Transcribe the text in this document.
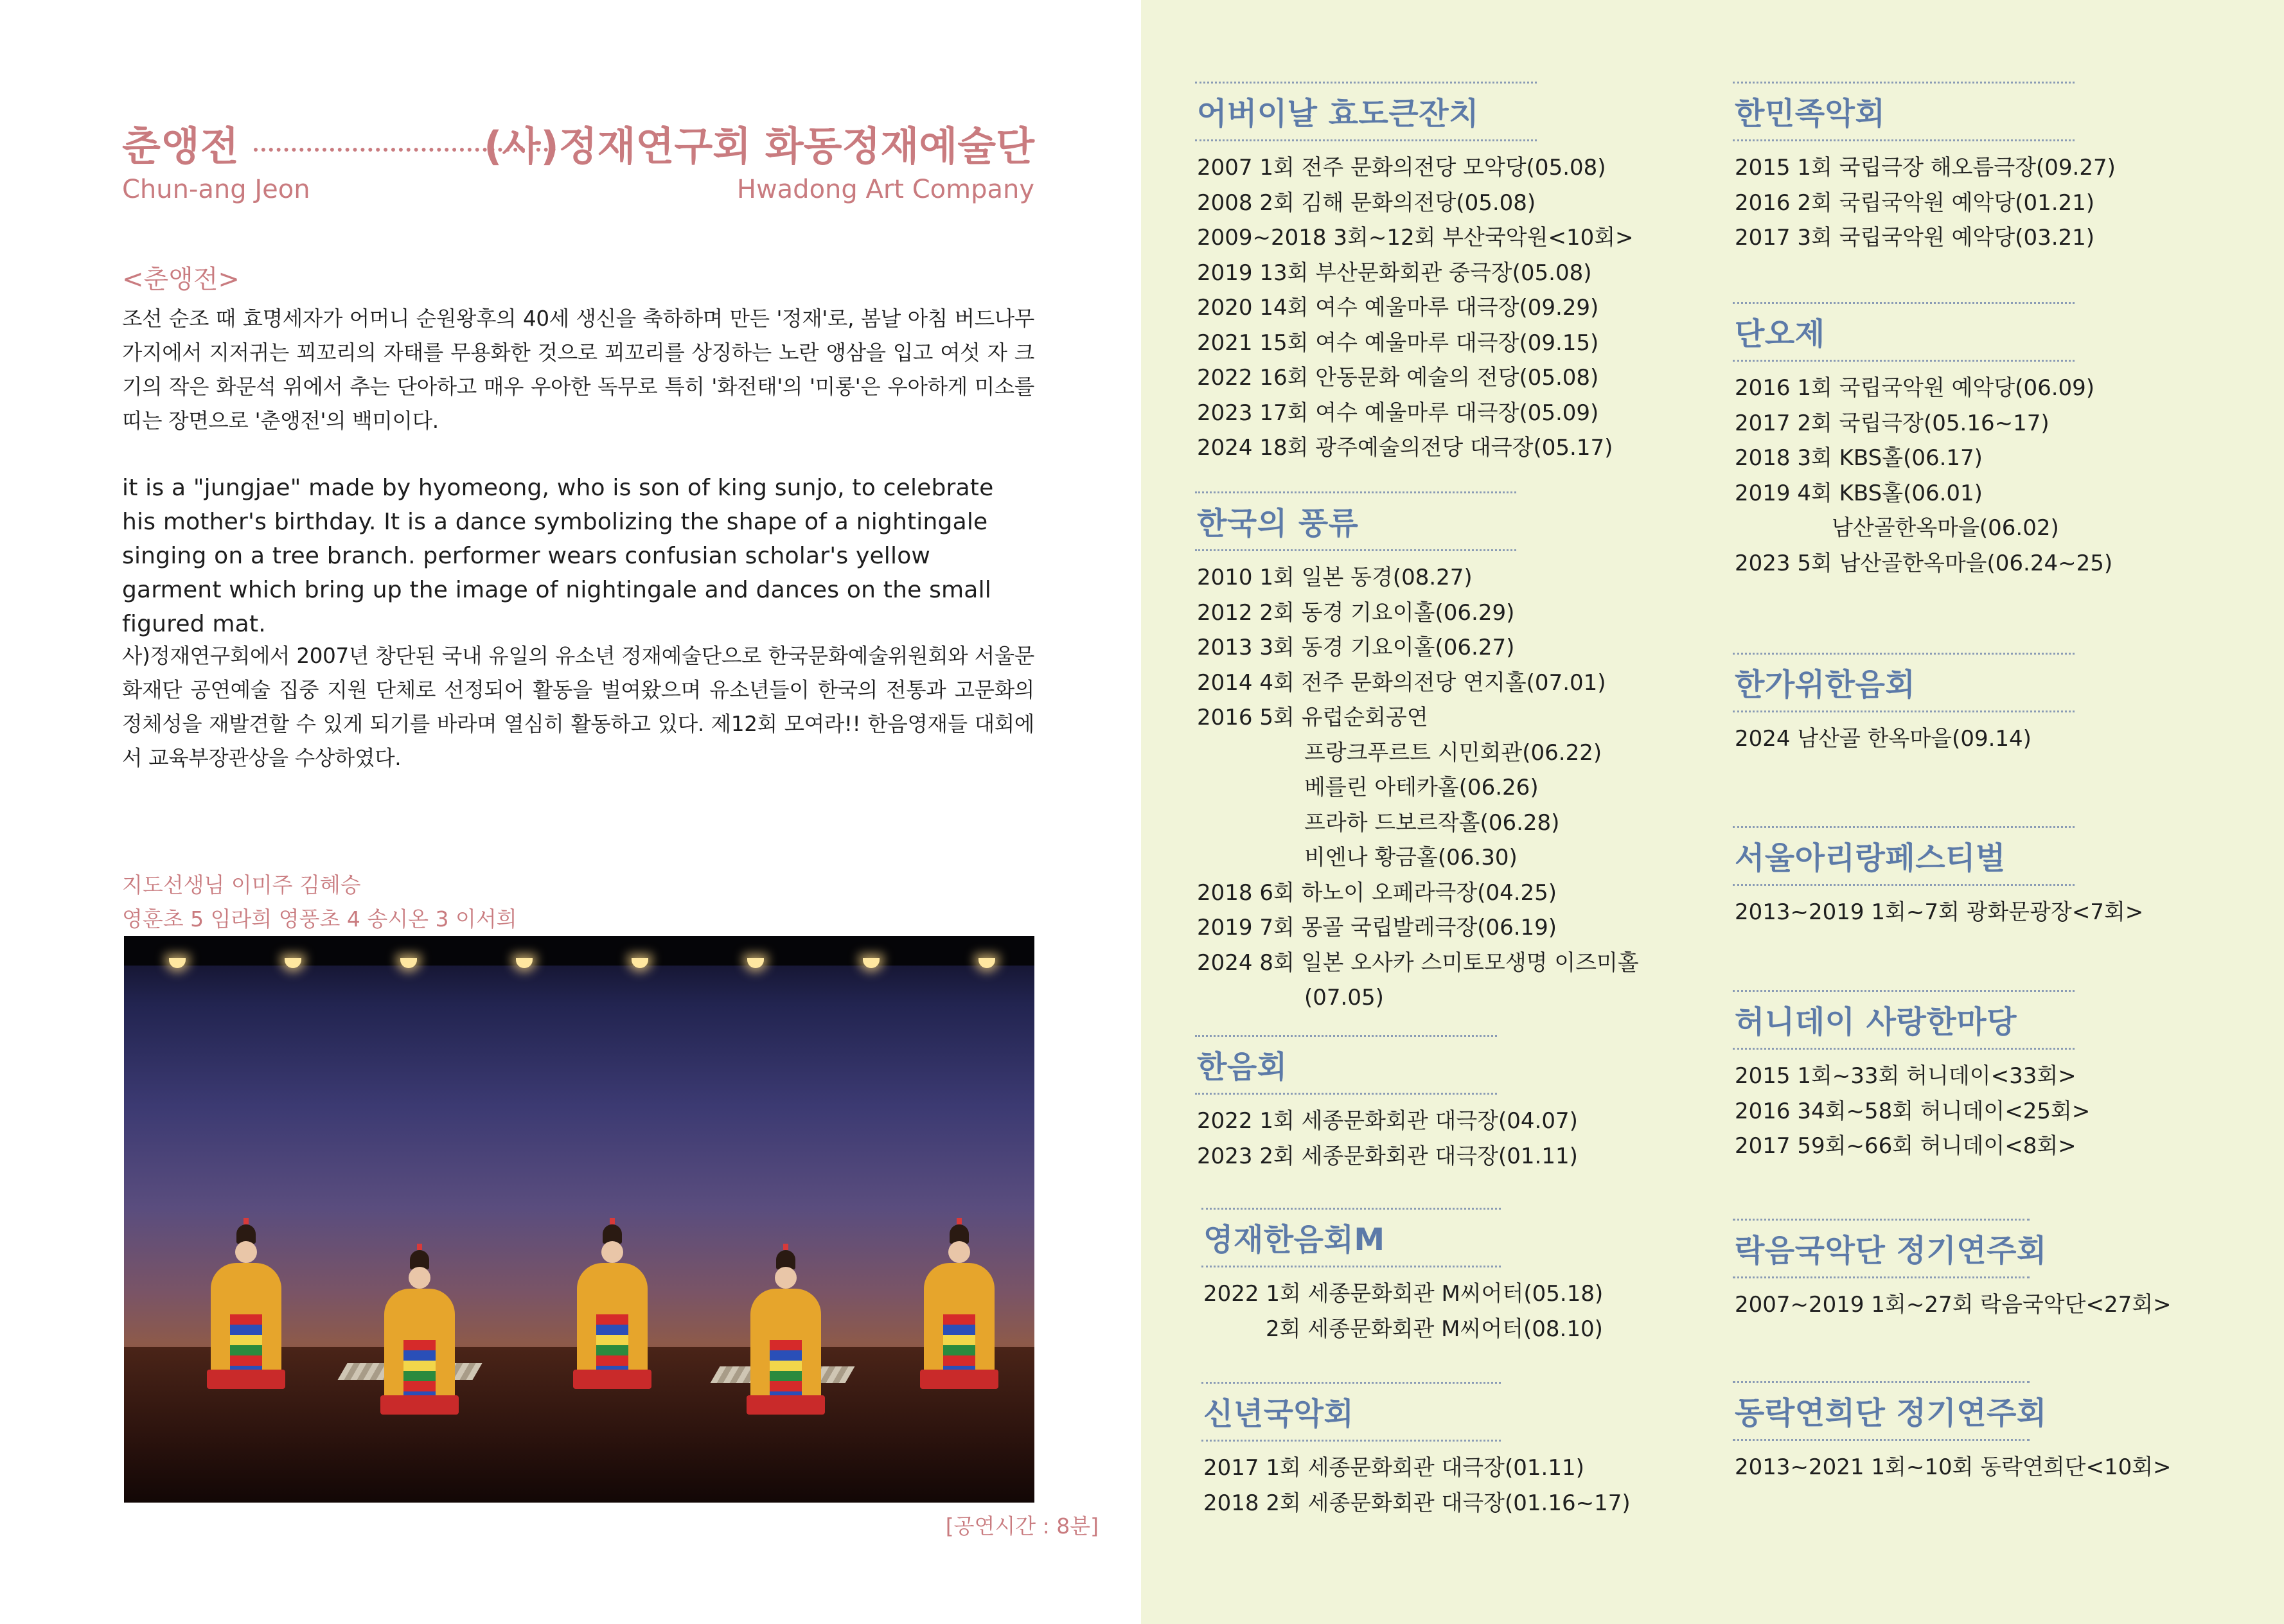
춘앵전	(사)정재연구회 화동정재예술단
Chun-ang Jeon	Hwadong Art Company
<춘앵전>

조선 순조 때 효명세자가 어머니 순원왕후의 40세 생신을 축하하며 만든 '정재'로, 봄날 아침 버드나무 가지에서 지저귀는 꾀꼬리의 자태를 무용화한 것으로 꾀꼬리를 상징하는 노란 앵삼을 입고 여섯 자 크기의 작은 화문석 위에서 추는 단아하고 매우 우아한 독무로 특히 '화전태'의 '미롱'은 우아하게 미소를 띠는 장면으로 '춘앵전'의 백미이다.

it is a "jungjae" made by hyomeong, who is son of king sunjo, to celebrate his mother's birthday. It is a dance symbolizing the shape of a nightingale singing on a tree branch. performer wears confusian scholar's yellow garment which bring up the image of nightingale and dances on the small figured mat.

사)정재연구회에서 2007년 창단된 국내 유일의 유소년 정재예술단으로 한국문화예술위원회와 서울문화재단 공연예술 집중 지원 단체로 선정되어 활동을 벌여왔으며 유소년들이 한국의 전통과 고문화의 정체성을 재발견할 수 있게 되기를 바라며 열심히 활동하고 있다. 제12회 모여라!! 한음영재들 대회에서 교육부장관상을 수상하였다.

지도선생님 이미주 김혜승
영훈초 5 임라희 영풍초 4 송시온 3 이서희
[공연시간 : 8분]
어버이날 효도큰잔치
2007 1회 전주 문화의전당 모악당(05.08)
2008 2회 김해 문화의전당(05.08)
2009~2018 3회~12회 부산국악원<10회>
2019 13회 부산문화회관 중극장(05.08)
2020 14회 여수 예울마루 대극장(09.29)
2021 15회 여수 예울마루 대극장(09.15)
2022 16회 안동문화 예술의 전당(05.08)
2023 17회 여수 예울마루 대극장(05.09)
2024 18회 광주예술의전당 대극장(05.17)
한국의 풍류
2010 1회 일본 동경(08.27)
2012 2회 동경 기요이홀(06.29)
2013 3회 동경 기요이홀(06.27)
2014 4회 전주 문화의전당 연지홀(07.01)
2016 5회 유럽순회공연
프랑크푸르트 시민회관(06.22)
베를린 아테카홀(06.26)
프라하 드보르작홀(06.28)
비엔나 황금홀(06.30)
2018 6회 하노이 오페라극장(04.25)
2019 7회 몽골 국립발레극장(06.19)
2024 8회 일본 오사카 스미토모생명 이즈미홀
(07.05)
한음회
2022 1회 세종문화회관 대극장(04.07)
2023 2회 세종문화회관 대극장(01.11)
영재한음회M
2022 1회 세종문화회관 M씨어터(05.18)
2회 세종문화회관 M씨어터(08.10)
신년국악회
2017 1회 세종문화회관 대극장(01.11)
2018 2회 세종문화회관 대극장(01.16~17)
한민족악회
2015 1회 국립극장 해오름극장(09.27)
2016 2회 국립국악원 예악당(01.21)
2017 3회 국립국악원 예악당(03.21)
단오제
2016 1회 국립국악원 예악당(06.09)
2017 2회 국립극장(05.16~17)
2018 3회 KBS홀(06.17)
2019 4회 KBS홀(06.01)
남산골한옥마을(06.02)
2023 5회 남산골한옥마을(06.24~25)
한가위한음회
2024 남산골 한옥마을(09.14)
서울아리랑페스티벌
2013~2019 1회~7회 광화문광장<7회>
허니데이 사랑한마당
2015 1회~33회 허니데이<33회>
2016 34회~58회 허니데이<25회>
2017 59회~66회 허니데이<8회>
락음국악단 정기연주회
2007~2019 1회~27회 락음국악단<27회>
동락연희단 정기연주회
2013~2021 1회~10회 동락연희단<10회>
